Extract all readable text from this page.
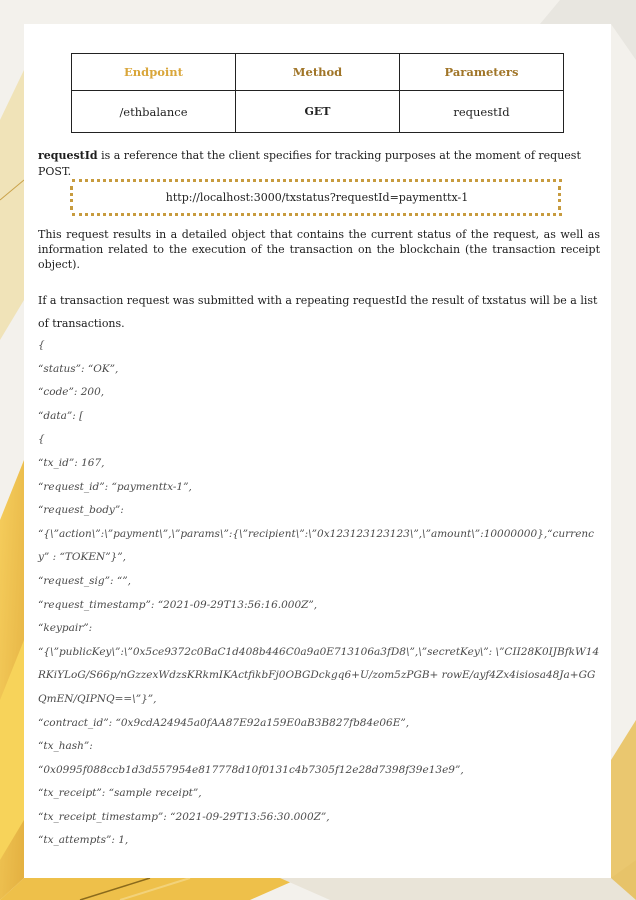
Endpoint	Method	Parameters
/ethbalance	GET	requestId

requestId is a reference that the client specifies for tracking purposes at the moment of request POST.

http://localhost:3000/txstatus?requestId=paymenttx-1

This request results in a detailed object that contains the current status of the request, as well as information related to the execution of the transaction on the blockchain (the transaction receipt object).

If a transaction request was submitted with a repeating requestId the result of txstatus will be a list of transactions.

{
“status”: “OK”,
“code”: 200,
“data”: [
{
“tx_id”: 167,
“request_id”: “paymenttx-1”,
“request_body”:
“{\”action\”:\”payment\”,\”params\”:{\”recipient\”:\”0x123123123123\”,\”amount\”:10000000},“currency” : “TOKEN”}”,
“request_sig”: “”,
“request_timestamp”: “2021-09-29T13:56:16.000Z”,
“keypair”:
“{\”publicKey\”:\”0x5ce9372c0BaC1d408b446C0a9a0E713106a3fD8\”,\”secretKey\”: \”CII28K0IJBfkW14RKiYLoG/S66p/nGzzexWdzsKRkmIKActfikbFj0OBGDckgq6+U/zom5zPGB+ rowE/ayf4Zx4isiosa48Ja+GGQmEN/QIPNQ==\”}”,
“contract_id”: “0x9cdA24945a0fAA87E92a159E0aB3B827fb84e06E”,
“tx_hash”:
“0x0995f088ccb1d3d557954e817778d10f0131c4b7305f12e28d7398f39e13e9”,
“tx_receipt”: “sample receipt”,
“tx_receipt_timestamp”: “2021-09-29T13:56:30.000Z”,
“tx_attempts”: 1,
